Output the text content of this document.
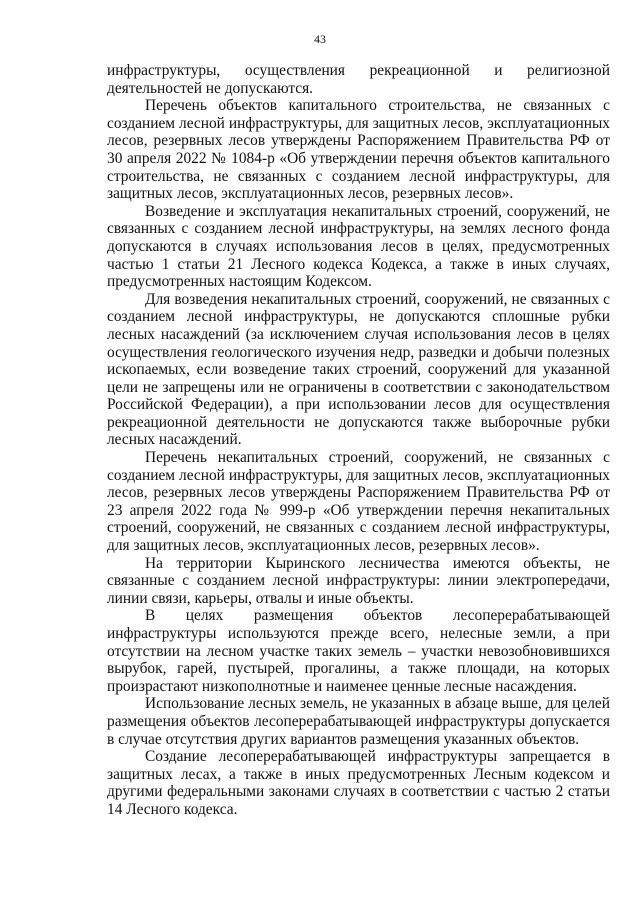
43

инфраструктуры, осуществления рекреационной и религиозной деятельностей не допускаются.

Перечень объектов капитального строительства, не связанных с созданием лесной инфраструктуры, для защитных лесов, эксплуатационных лесов, резервных лесов утверждены Распоряжением Правительства РФ от 30 апреля 2022 № 1084-р «Об утверждении перечня объектов капитального строительства, не связанных с созданием лесной инфраструктуры, для защитных лесов, эксплуатационных лесов, резервных лесов».

Возведение и эксплуатация некапитальных строений, сооружений, не связанных с созданием лесной инфраструктуры, на землях лесного фонда допускаются в случаях использования лесов в целях, предусмотренных частью 1 статьи 21 Лесного кодекса Кодекса, а также в иных случаях, предусмотренных настоящим Кодексом.

Для возведения некапитальных строений, сооружений, не связанных с созданием лесной инфраструктуры, не допускаются сплошные рубки лесных насаждений (за исключением случая использования лесов в целях осуществления геологического изучения недр, разведки и добычи полезных ископаемых, если возведение таких строений, сооружений для указанной цели не запрещены или не ограничены в соответствии с законодательством Российской Федерации), а при использовании лесов для осуществления рекреационной деятельности не допускаются также выборочные рубки лесных насаждений.

Перечень некапитальных строений, сооружений, не связанных с созданием лесной инфраструктуры, для защитных лесов, эксплуатационных лесов, резервных лесов утверждены Распоряжением Правительства РФ от 23 апреля 2022 года № 999-р «Об утверждении перечня некапитальных строений, сооружений, не связанных с созданием лесной инфраструктуры, для защитных лесов, эксплуатационных лесов, резервных лесов».

На территории Кыринского лесничества имеются объекты, не связанные с созданием лесной инфраструктуры: линии электропередачи, линии связи, карьеры, отвалы и иные объекты.

В целях размещения объектов лесоперерабатывающей инфраструктуры используются прежде всего, нелесные земли, а при отсутствии на лесном участке таких земель – участки невозобновившихся вырубок, гарей, пустырей, прогалины, а также площади, на которых произрастают низкополнотные и наименее ценные лесные насаждения.

Использование лесных земель, не указанных в абзаце выше, для целей размещения объектов лесоперерабатывающей инфраструктуры допускается в случае отсутствия других вариантов размещения указанных объектов.

Создание лесоперерабатывающей инфраструктуры запрещается в защитных лесах, а также в иных предусмотренных Лесным кодексом и другими федеральными законами случаях в соответствии с частью 2 статьи 14 Лесного кодекса.
